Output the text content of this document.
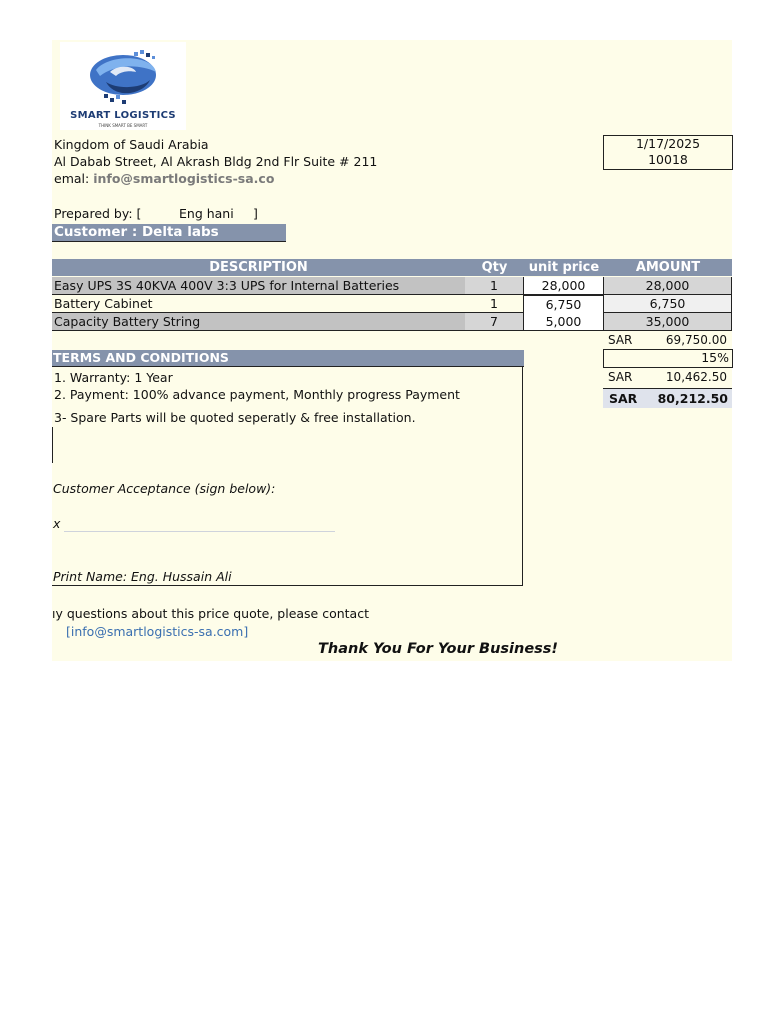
SMART LOGISTICS
THINK SMART BE SMART
Kingdom of Saudi Arabia
Al Dabab Street, Al Akrash Bldg 2nd Flr Suite # 211
emal: info@smartlogistics-sa.co
1/17/2025
10018
Prepared by: [	Eng hani ]
Customer : Delta labs
DESCRIPTION	Qty	unit price	AMOUNT
Easy UPS 3S 40KVA 400V 3:3 UPS for Internal Batteries	1	28,000	28,000
Battery Cabinet	1	6,750	6,750
Capacity Battery String	7	5,000	35,000
SAR	69,750.00
15%
SAR	10,462.50
SAR 80,212.50
TERMS AND CONDITIONS
1. Warranty: 1 Year
2. Payment: 100% advance payment, Monthly progress Payment
3- Spare Parts will be quoted seperatly & free installation.
Customer Acceptance (sign below):
x
Print Name: Eng. Hussain Ali
ıy questions about this price quote, please contact
[info@smartlogistics-sa.com]
Thank You For Your Business!
